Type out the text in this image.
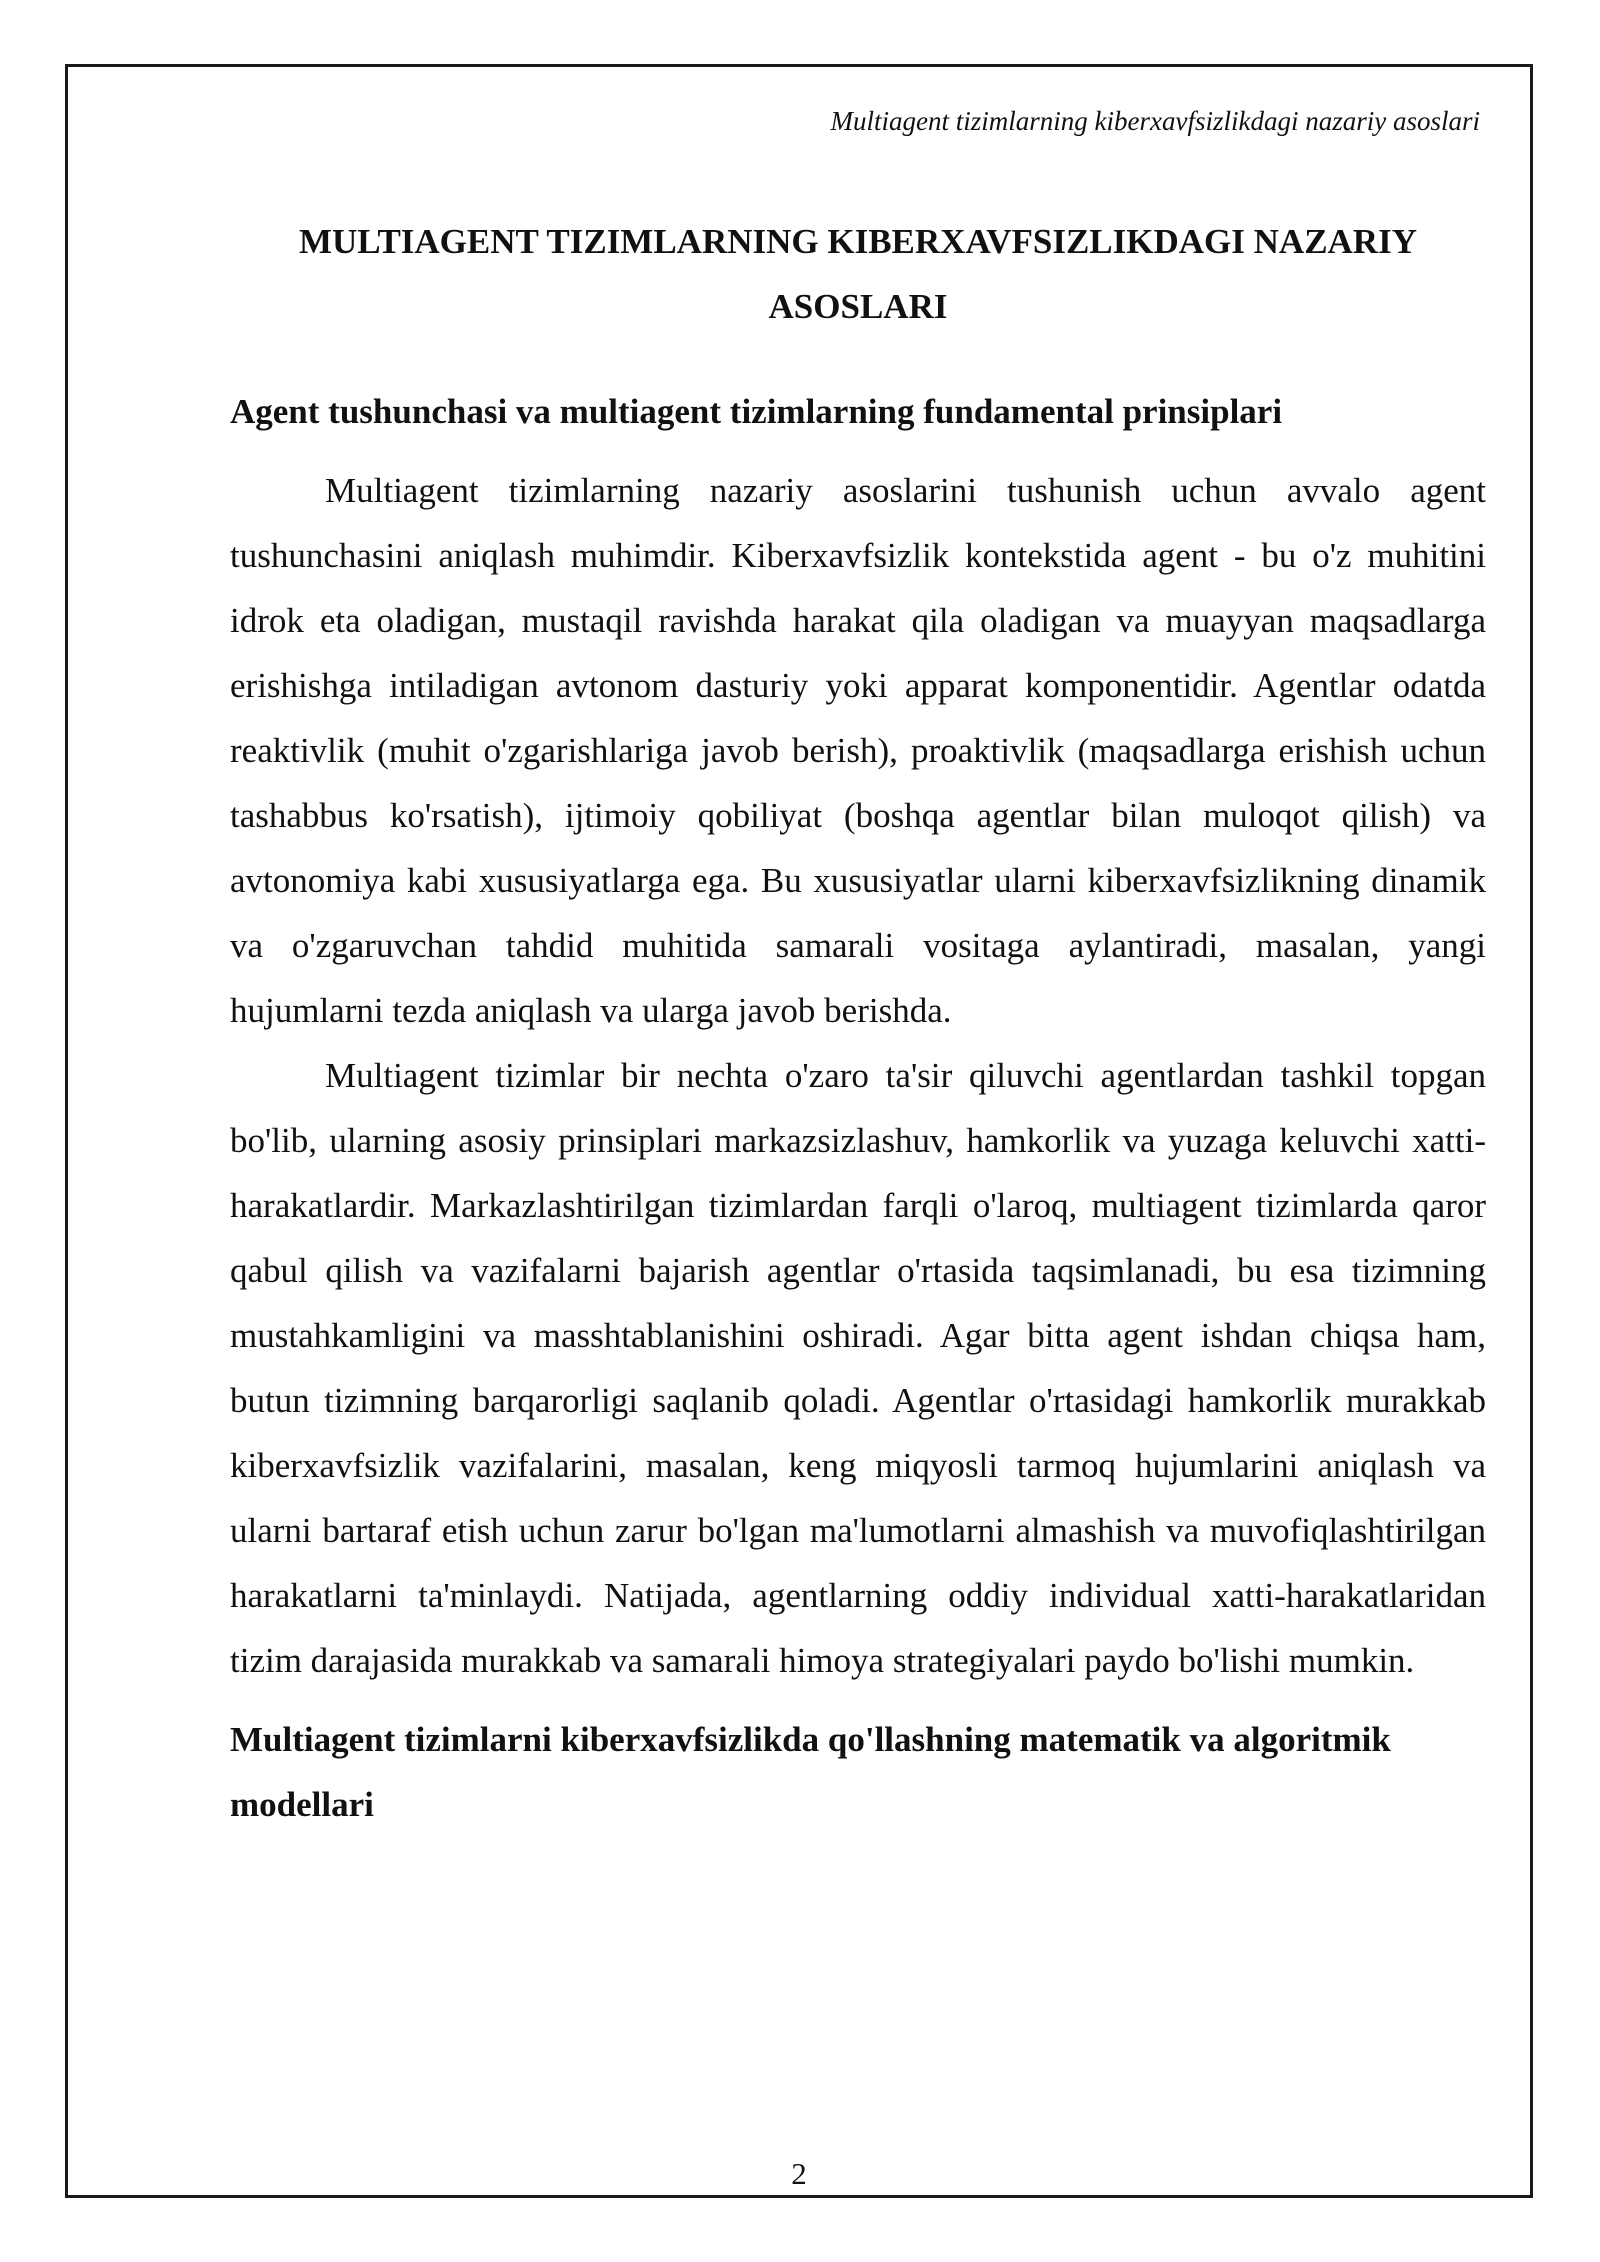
Multiagent tizimlarning kiberxavfsizlikdagi nazariy asoslari
MULTIAGENT TIZIMLARNING KIBERXAVFSIZLIKDAGI NAZARIY ASOSLARI
Agent tushunchasi va multiagent tizimlarning fundamental prinsiplari

Multiagent tizimlarning nazariy asoslarini tushunish uchun avvalo agent tushunchasini aniqlash muhimdir. Kiberxavfsizlik kontekstida agent - bu o'z muhitini idrok eta oladigan, mustaqil ravishda harakat qila oladigan va muayyan maqsadlarga erishishga intiladigan avtonom dasturiy yoki apparat komponentidir. Agentlar odatda reaktivlik (muhit o'zgarishlariga javob berish), proaktivlik (maqsadlarga erishish uchun tashabbus ko'rsatish), ijtimoiy qobiliyat (boshqa agentlar bilan muloqot qilish) va avtonomiya kabi xususiyatlarga ega. Bu xususiyatlar ularni kiberxavfsizlikning dinamik va o'zgaruvchan tahdid muhitida samarali vositaga aylantiradi, masalan, yangi hujumlarni tezda aniqlash va ularga javob berishda.

Multiagent tizimlar bir nechta o'zaro ta'sir qiluvchi agentlardan tashkil topgan bo'lib, ularning asosiy prinsiplari markazsizlashuv, hamkorlik va yuzaga keluvchi xatti-harakatlardir. Markazlashtirilgan tizimlardan farqli o'laroq, multiagent tizimlarda qaror qabul qilish va vazifalarni bajarish agentlar o'rtasida taqsimlanadi, bu esa tizimning mustahkamligini va masshtablanishini oshiradi. Agar bitta agent ishdan chiqsa ham, butun tizimning barqarorligi saqlanib qoladi. Agentlar o'rtasidagi hamkorlik murakkab kiberxavfsizlik vazifalarini, masalan, keng miqyosli tarmoq hujumlarini aniqlash va ularni bartaraf etish uchun zarur bo'lgan ma'lumotlarni almashish va muvofiqlashtirilgan harakatlarni ta'minlaydi. Natijada, agentlarning oddiy individual xatti-harakatlaridan tizim darajasida murakkab va samarali himoya strategiyalari paydo bo'lishi mumkin.

Multiagent tizimlarni kiberxavfsizlikda qo'llashning matematik va algoritmik modellari
2
